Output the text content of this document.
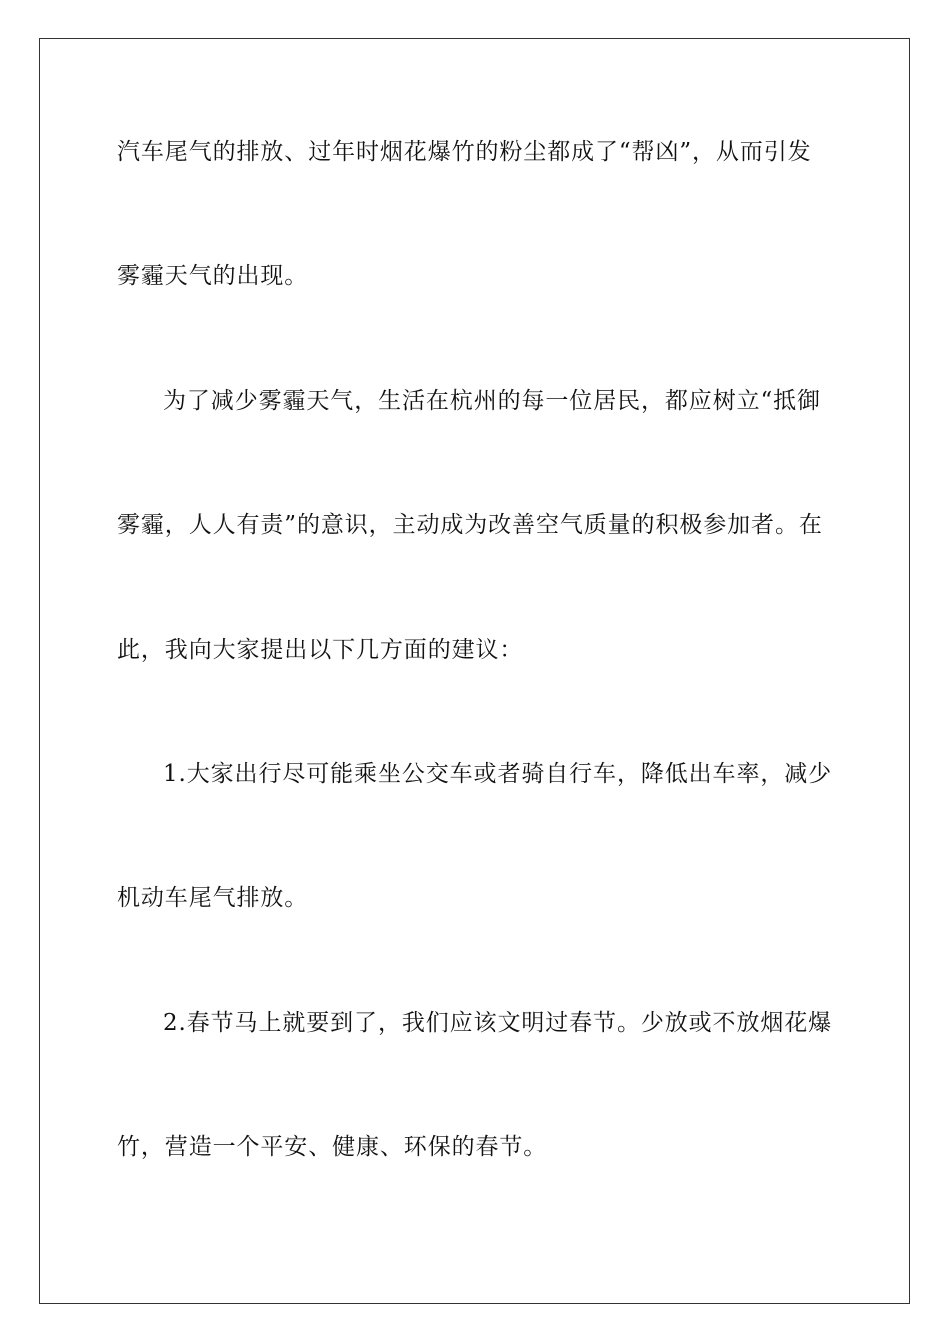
汽车尾气的排放、过年时烟花爆竹的粉尘都成了“帮凶”，从而引发
雾霾天气的出现。
为了减少雾霾天气，生活在杭州的每一位居民，都应树立“抵御
雾霾，人人有责”的意识，主动成为改善空气质量的积极参加者。在
此，我向大家提出以下几方面的建议：
1.大家出行尽可能乘坐公交车或者骑自行车，降低出车率，减少
机动车尾气排放。
2.春节马上就要到了，我们应该文明过春节。少放或不放烟花爆
竹，营造一个平安、健康、环保的春节。
